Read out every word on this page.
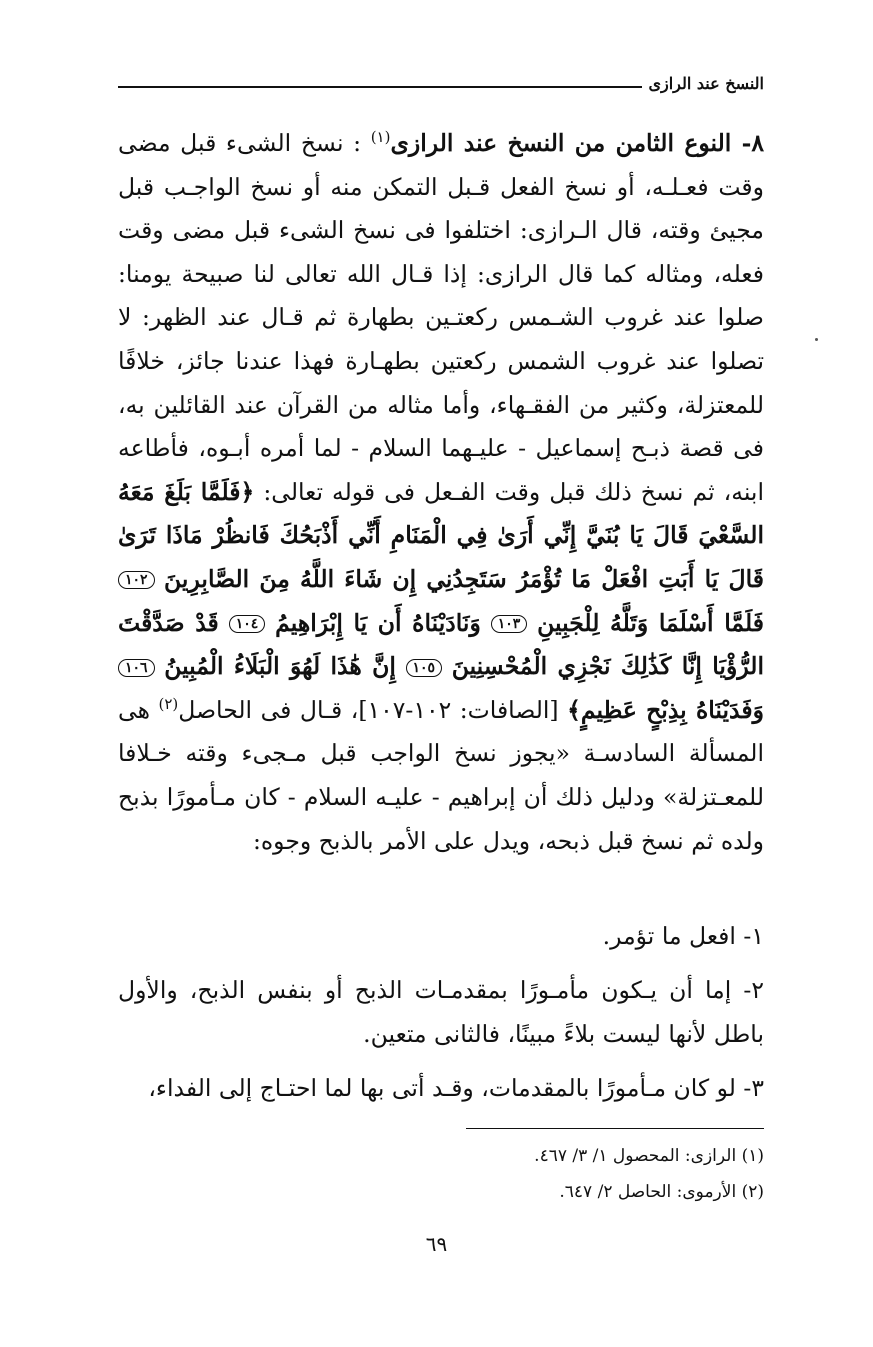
النسخ عند الرازى

٨- النوع الثامن من النسخ عند الرازى$^{(١)}$ : نسخ الشىء قبل مضى وقت فعـلـه، أو نسخ الفعل قـبل التمكن منه أو نسخ الواجـب قبل مجيئ وقته، قال الـرازى: اختلفوا فى نسخ الشىء قبل مضى وقت فعله، ومثاله كما قال الرازى: إذا قـال الله تعالى لنا صبيحة يومنا: صلوا عند غروب الشـمس ركعتـين بطهارة ثم قـال عند الظهر: لا تصلوا عند غروب الشمس ركعتين بطهـارة فهذا عندنا جائز، خلافًا للمعتزلة، وكثير من الفقـهاء، وأما مثاله من القرآن عند القائلين به، فى قصة ذبـح إسماعيل - عليـهما السلام - لما أمره أبـوه، فأطاعه ابنه، ثم نسخ ذلك قبل وقت الفـعل فى قوله تعالى: ﴿فَلَمَّا بَلَغَ مَعَهُ السَّعْيَ قَالَ يَا بُنَيَّ إِنِّي أَرَىٰ فِي الْمَنَامِ أَنِّي أَذْبَحُكَ فَانظُرْ مَاذَا تَرَىٰ قَالَ يَا أَبَتِ افْعَلْ مَا تُؤْمَرُ سَتَجِدُنِي إِن شَاءَ اللَّهُ مِنَ الصَّابِرِينَ ١٠٢ فَلَمَّا أَسْلَمَا وَتَلَّهُ لِلْجَبِينِ ١٠٣ وَنَادَيْنَاهُ أَن يَا إِبْرَاهِيمُ ١٠٤ قَدْ صَدَّقْتَ الرُّؤْيَا إِنَّا كَذَٰلِكَ نَجْزِي الْمُحْسِنِينَ ١٠٥ إِنَّ هَٰذَا لَهُوَ الْبَلَاءُ الْمُبِينُ ١٠٦ وَفَدَيْنَاهُ بِذِبْحٍ عَظِيمٍ﴾ [الصافات: ١٠٢-١٠٧]، قـال فى الحاصل$^{(٢)}$ هى المسألة السادسـة «يجوز نسخ الواجب قبل مـجىء وقته خـلافا للمعـتزلة» ودليل ذلك أن إبراهيم - عليـه السلام - كان مـأمورًا بذبح ولده ثم نسخ قبل ذبحه، ويدل على الأمر بالذبح وجوه:

١- افعل ما تؤمر.

٢- إما أن يـكون مأمـورًا بمقدمـات الذبح أو بنفس الذبح، والأول باطل لأنها ليست بلاءً مبينًا، فالثانى متعين.

٣- لو كان مـأمورًا بالمقدمات، وقـد أتى بها لما احتـاج إلى الفداء،

(١) الرازى: المحصول ١/ ٣/ ٤٦٧.

(٢) الأرموى: الحاصل ٢/ ٦٤٧.

٦٩
